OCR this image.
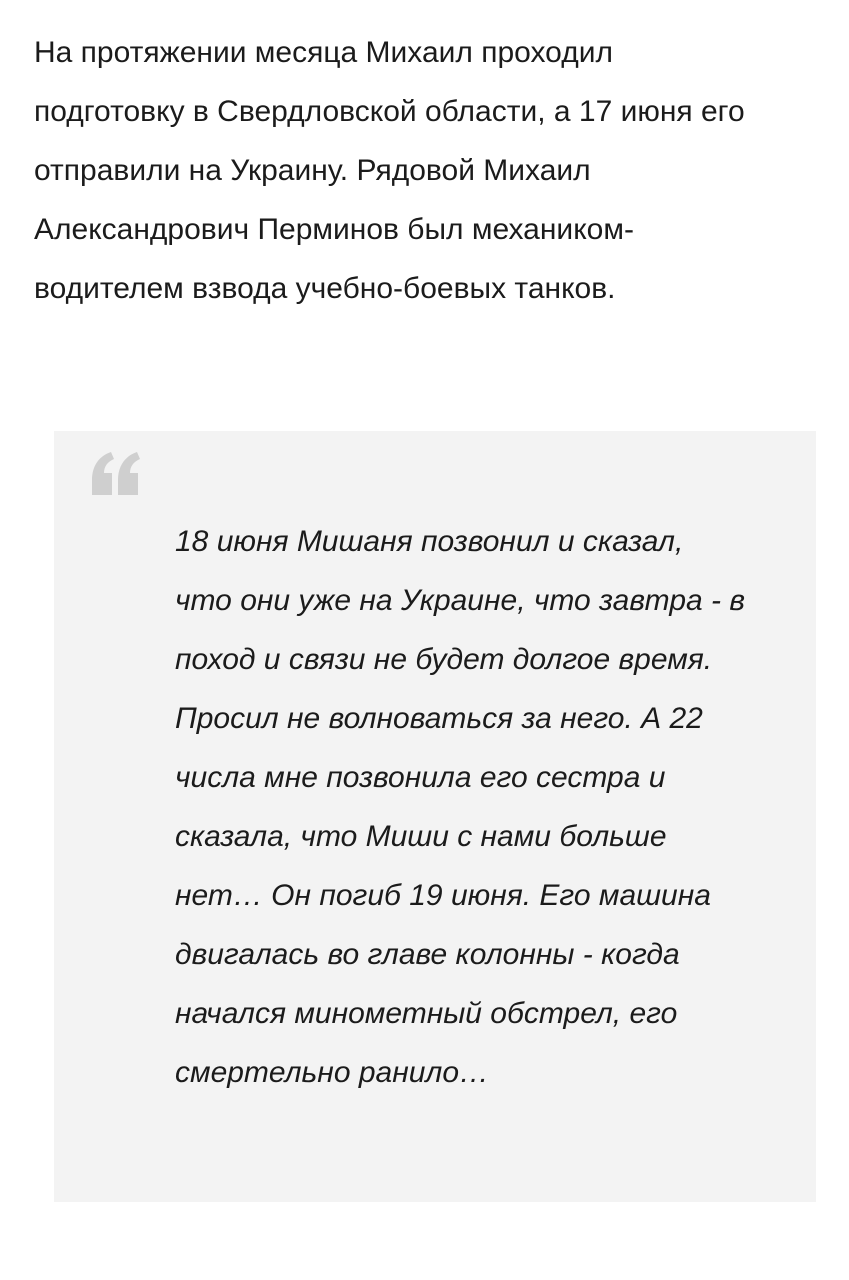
На протяжении месяца Михаил проходил
подготовку в Свердловской области, а 17 июня его
отправили на Украину. Рядовой Михаил
Александрович Перминов был механиком-
водителем взвода учебно-боевых танков.

18 июня Мишаня позвонил и сказал,
что они уже на Украине, что завтра - в
поход и связи не будет долгое время.
Просил не волноваться за него. А 22
числа мне позвонила его сестра и
сказала, что Миши с нами больше
нет… Он погиб 19 июня. Его машина
двигалась во главе колонны - когда
начался минометный обстрел, его
смертельно ранило…
